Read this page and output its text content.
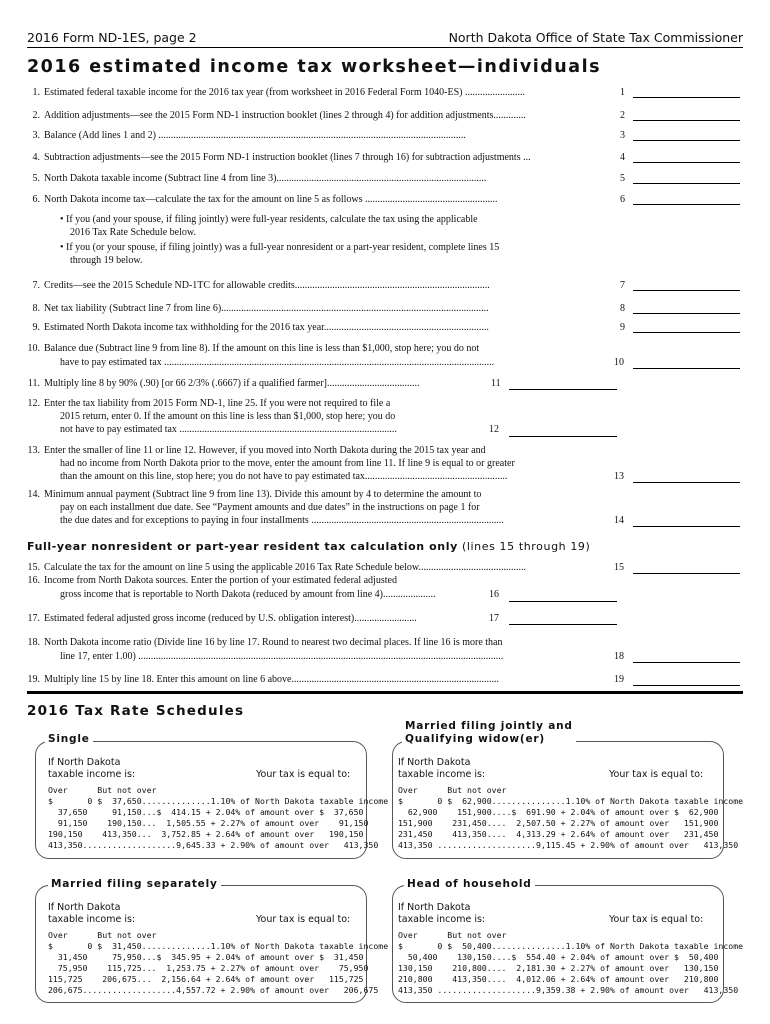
2016 Form ND-1ES, page 2	North Dakota Office of State Tax Commissioner
2016 estimated income tax worksheet—individuals
1. Estimated federal taxable income for the 2016 tax year (from worksheet in 2016 Federal Form 1040-ES) ........................
2. Addition adjustments—see the 2015 Form ND-1 instruction booklet (lines 2 through 4) for addition adjustments.............
3. Balance (Add lines 1 and 2) ...........................................................................................................................
4. Subtraction adjustments—see the 2015 Form ND-1 instruction booklet (lines 7 through 16) for subtraction adjustments ...
5. North Dakota taxable income (Subtract line 4 from line 3)....................................................................................
6. North Dakota income tax—calculate the tax for the amount on line 5 as follows .....................................................
• If you (and your spouse, if filing jointly) were full-year residents, calculate the tax using the applicable
2016 Tax Rate Schedule below.
• If you (or your spouse, if filing jointly) was a full-year nonresident or a part-year resident, complete lines 15
through 19 below.
7. Credits—see the 2015 Schedule ND-1TC for allowable credits..............................................................................
8. Net tax liability (Subtract line 7 from line 6)...........................................................................................................
9. Estimated North Dakota income tax withholding for the 2016 tax year..................................................................
1
2
3
4
5
6
7
8
9
10. Balance due (Subtract line 9 from line 8). If the amount on this line is less than $1,000, stop here; you do not
have to pay estimated tax ....................................................................................................................................	10
11. Multiply line 8 by 90% (.90) [or 66 2/3% (.6667) if a qualified farmer].....................................	11
12. Enter the tax liability from 2015 Form ND-1, line 25. If you were not required to file a
2015 return, enter 0. If the amount on this line is less than $1,000, stop here; you do
not have to pay estimated tax .......................................................................................	12
13. Enter the smaller of line 11 or line 12. However, if you moved into North Dakota during the 2015 tax year and
had no income from North Dakota prior to the move, enter the amount from line 11. If line 9 is equal to or greater
than the amount on this line, stop here; you do not have to pay estimated tax.........................................................	13
14. Minimum annual payment (Subtract line 9 from line 13). Divide this amount by 4 to determine the amount to
pay on each installment due date. See “Payment amounts and due dates” in the instructions on page 1 for
the due dates and for exceptions to paying in four installments .............................................................................	14
Full-year nonresident or part-year resident tax calculation only (lines 15 through 19)
15. Calculate the tax for the amount on line 5 using the applicable 2016 Tax Rate Schedule below...........................................	15
16. Income from North Dakota sources. Enter the portion of your estimated federal adjusted
gross income that is reportable to North Dakota (reduced by amount from line 4).....................	16
17. Estimated federal adjusted gross income (reduced by U.S. obligation interest).........................	17
18. North Dakota income ratio (Divide line 16 by line 17. Round to nearest two decimal places. If line 16 is more than
line 17, enter 1.00) ..................................................................................................................................................	18
19. Multiply line 15 by line 18. Enter this amount on line 6 above...................................................................................	19
2016 Tax Rate Schedules
Single
If North Dakota
taxable income is:	Your tax is equal to:
Over      But not over
$       0 $  37,650..............1.10% of North Dakota taxable income
37,650     91,150...$  414.15 + 2.04% of amount over $  37,650
91,150    190,150...  1,505.55 + 2.27% of amount over    91,150
190,150    413,350...  3,752.85 + 2.64% of amount over   190,150
413,350...................9,645.33 + 2.90% of amount over   413,350
Married filing jointly and
Qualifying widow(er)
If North Dakota
taxable income is:	Your tax is equal to:
Over      But not over
$       0 $  62,900...............1.10% of North Dakota taxable income
62,900    151,900....$  691.90 + 2.04% of amount over $  62,900
151,900    231,450....  2,507.50 + 2.27% of amount over   151,900
231,450    413,350....  4,313.29 + 2.64% of amount over   231,450
413,350 ....................9,115.45 + 2.90% of amount over   413,350
Married filing separately
If North Dakota
taxable income is:	Your tax is equal to:
Over      But not over
$       0 $  31,450..............1.10% of North Dakota taxable income
31,450     75,950...$  345.95 + 2.04% of amount over $  31,450
75,950    115,725...  1,253.75 + 2.27% of amount over    75,950
115,725    206,675...  2,156.64 + 2.64% of amount over   115,725
206,675...................4,557.72 + 2.90% of amount over   206,675
Head of household
If North Dakota
taxable income is:	Your tax is equal to:
Over      But not over
$       0 $  50,400...............1.10% of North Dakota taxable income
50,400    130,150....$  554.40 + 2.04% of amount over $  50,400
130,150    210,800....  2,181.30 + 2.27% of amount over   130,150
210,800    413,350....  4,012.06 + 2.64% of amount over   210,800
413,350 ....................9,359.38 + 2.90% of amount over   413,350
